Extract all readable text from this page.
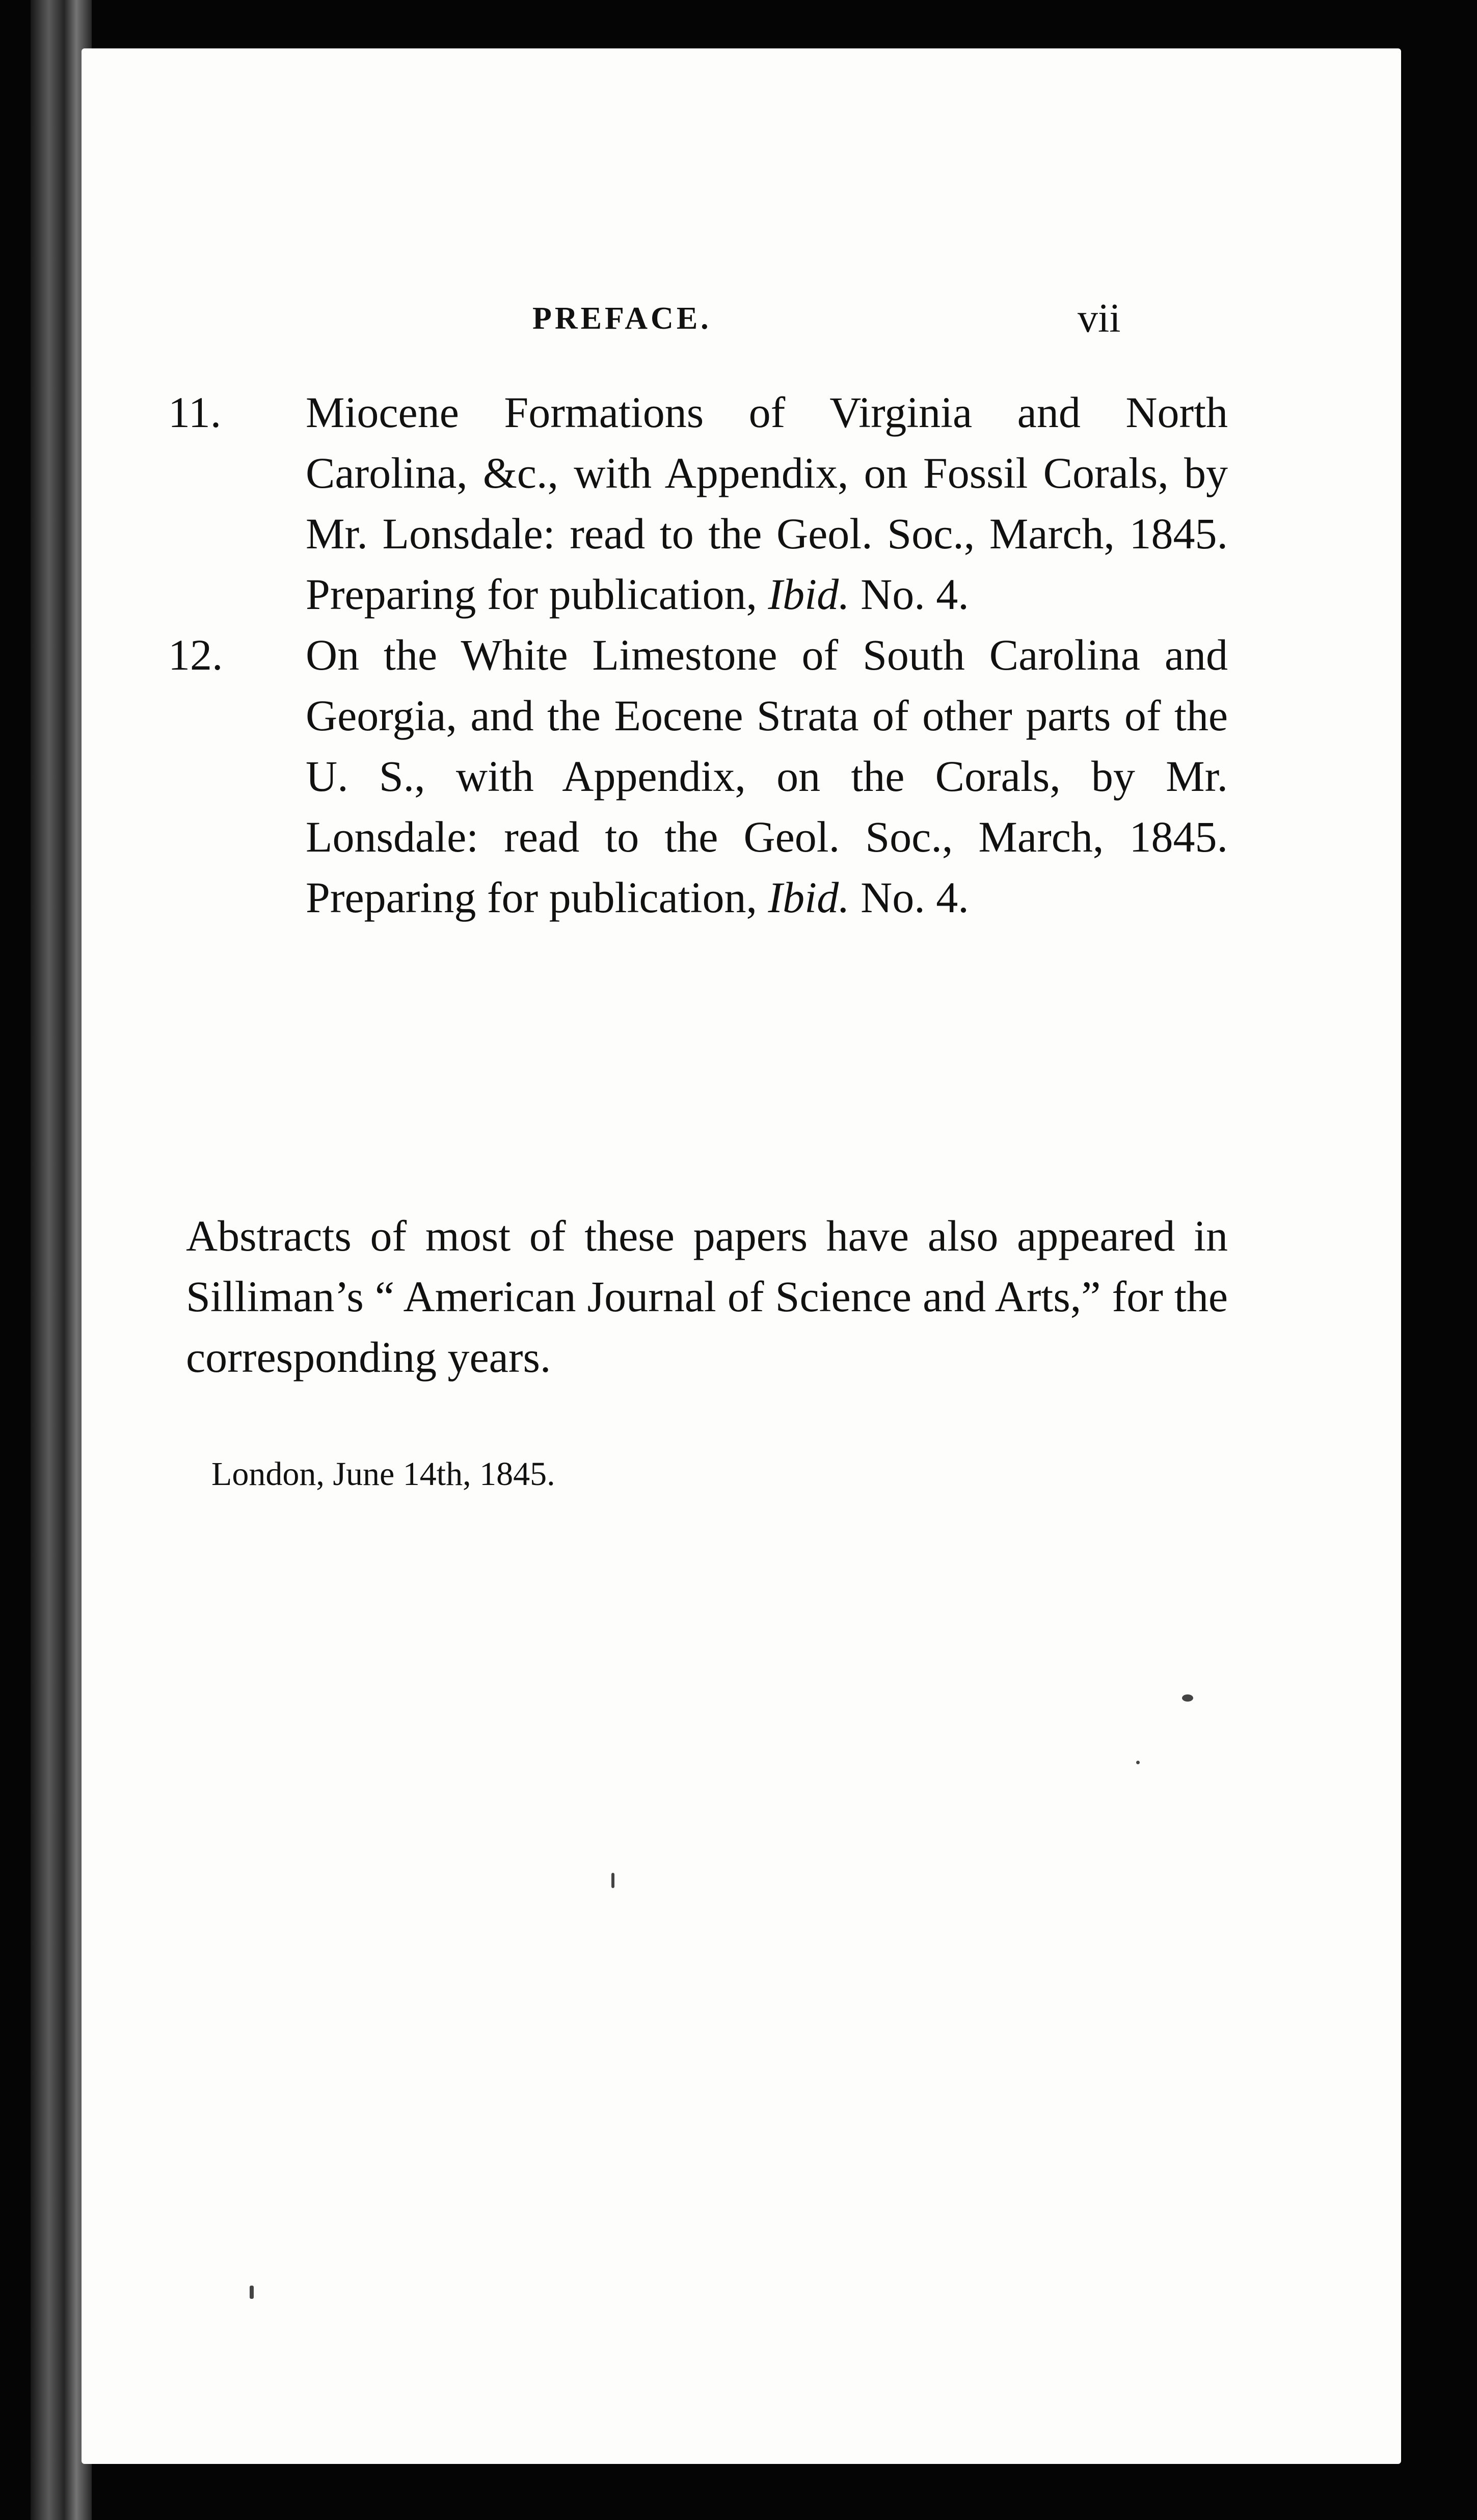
PREFACE.	vii
11.	Miocene Formations of Virginia and North Carolina, &c., with Appendix, on Fossil Corals, by Mr. Lonsdale: read to the Geol. Soc., March, 1845. Preparing for publication, Ibid. No. 4.
12.	On the White Limestone of South Carolina and Georgia, and the Eocene Strata of other parts of the U. S., with Appendix, on the Corals, by Mr. Lonsdale: read to the Geol. Soc., March, 1845. Preparing for publication, Ibid. No. 4.

Abstracts of most of these papers have also appeared in Silliman’s “ American Journal of Science and Arts,” for the corresponding years.

London, June 14th, 1845.
